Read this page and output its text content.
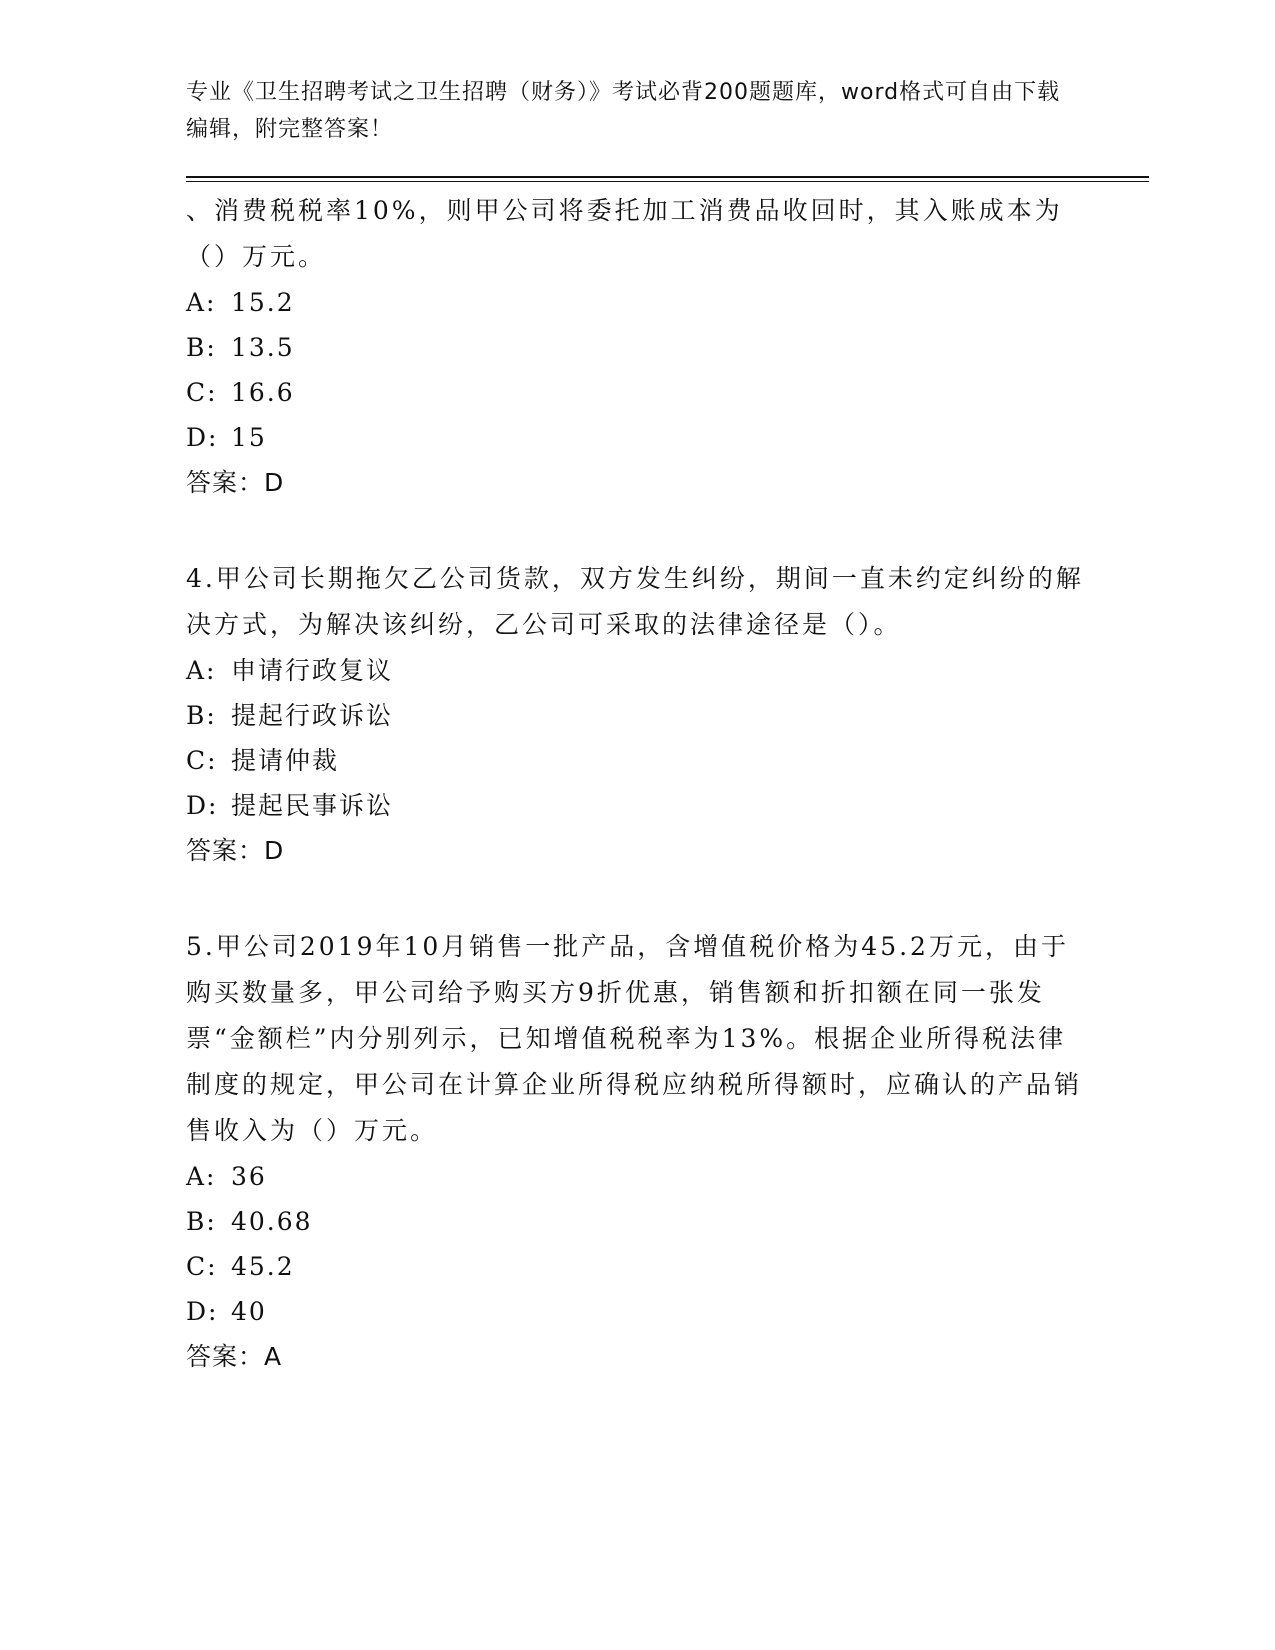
专业《卫生招聘考试之卫生招聘（财务）》考试必背200题题库，word格式可自由下载编辑，附完整答案！

、消费税税率10%，则甲公司将委托加工消费品收回时，其入账成本为（）万元。

A: 15.2

B: 13.5

C: 16.6

D: 15

答案：D

4.甲公司长期拖欠乙公司货款，双方发生纠纷，期间一直未约定纠纷的解决方式，为解决该纠纷，乙公司可采取的法律途径是（）。

A: 申请行政复议

B: 提起行政诉讼

C: 提请仲裁

D: 提起民事诉讼

答案：D

5.甲公司2019年10月销售一批产品，含增值税价格为45.2万元，由于购买数量多，甲公司给予购买方9折优惠，销售额和折扣额在同一张发票“金额栏”内分别列示，已知增值税税率为13%。根据企业所得税法律制度的规定，甲公司在计算企业所得税应纳税所得额时，应确认的产品销售收入为（）万元。

A: 36

B: 40.68

C: 45.2

D: 40

答案：A
